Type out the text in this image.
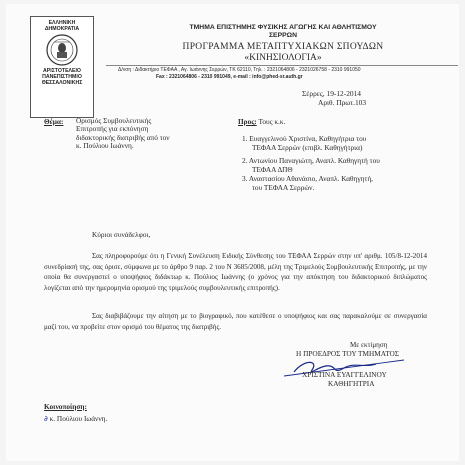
ΕΛΛΗΝΙΚΗ
ΔΗΜΟΚΡΑΤΙΑ
ΑΡΙΣΤΟΤΕΛΕΙΟ
ΠΑΝΕΠΙΣΤΗΜΙΟ
ΘΕΣΣΑΛΟΝΙΚΗΣ
ΤΜΗΜΑ ΕΠΙΣΤΗΜΗΣ ΦΥΣΙΚΗΣ ΑΓΩΓΗΣ ΚΑΙ ΑΘΛΗΤΙΣΜΟΥ
ΣΕΡΡΩΝ
ΠΡΟΓΡΑΜΜΑ ΜΕΤΑΠΤΥΧΙΑΚΩΝ ΣΠΟΥΔΩΝ
«ΚΙΝΗΣΙΟΛΟΓΙΑ»
Δ/νση : Διδακτήριο ΤΕΦΑΑ , Αγ. Ιωάννης Σερρών, ΤΚ 62110, Τηλ. : 2321064806 - 2321026758 - 2310 991050
Fax : 2321064806 - 2310 991049, e-mail : info@phed-sr.auth.gr
Σέρρες, 19-12-2014
Αριθ. Πρωτ.103
Θέμα: Ορισμός Συμβουλευτικής
Επιτροπής για εκπόνηση
διδακτορικής διατριβής από τον
κ. Πούλιου Ιωάννη.
Προς: Τους κ.κ.
1. Ευαγγελινού Χριστίνα, Καθηγήτρια του
ΤΕΦΑΑ Σερρών (επιβλ. Καθηγήτρια)
2. Αντωνίου Παναγιώτη, Αναπλ. Καθηγητή του
ΤΕΦΑΑ ΔΠΘ
3. Αναστασίου Αθανάσιο, Αναπλ. Καθηγητή,
του ΤΕΦΑΑ Σερρών.
Κύριοι συνάδελφοι,
Σας πληροφορούμε ότι η Γενική Συνέλευση Ειδικής Σύνθεσης του ΤΕΦΑΑ Σερρών στην υπ' αριθμ. 105/8-12-2014 συνεδρίασή της, σας όρισε, σύμφωνα με το άρθρο 9 παρ. 2 του Ν 3685/2008, μέλη της Τριμελούς Συμβουλευτικής Επιτροπής, με την οποία θα συνεργαστεί ο υποψήφιος διδάκτωρ κ. Πούλιος Ιωάννης (ο χρόνος για την απόκτηση του διδακτορικού διπλώματος λογίζεται από την ημερομηνία ορισμού της τριμελούς συμβουλευτικής επιτροπής).
Σας διαβιβάζουμε την αίτηση με το βιογραφικό, που κατέθεσε ο υποψήφιος και σας παρακαλούμε σε συνεργασία μαζί του, να προβείτε στον ορισμό του θέματος της διατριβής.
Με εκτίμηση
Η ΠΡΟΕΔΡΟΣ ΤΟΥ ΤΜΗΜΑΤΟΣ
ΧΡΙΣΤΙΝΑ ΕΥΑΓΓΕΛΙΝΟΥ
ΚΑΘΗΓΗΤΡΙΑ
Κοινοποίηση:
∂ κ. Πούλιου Ιωάννη.
